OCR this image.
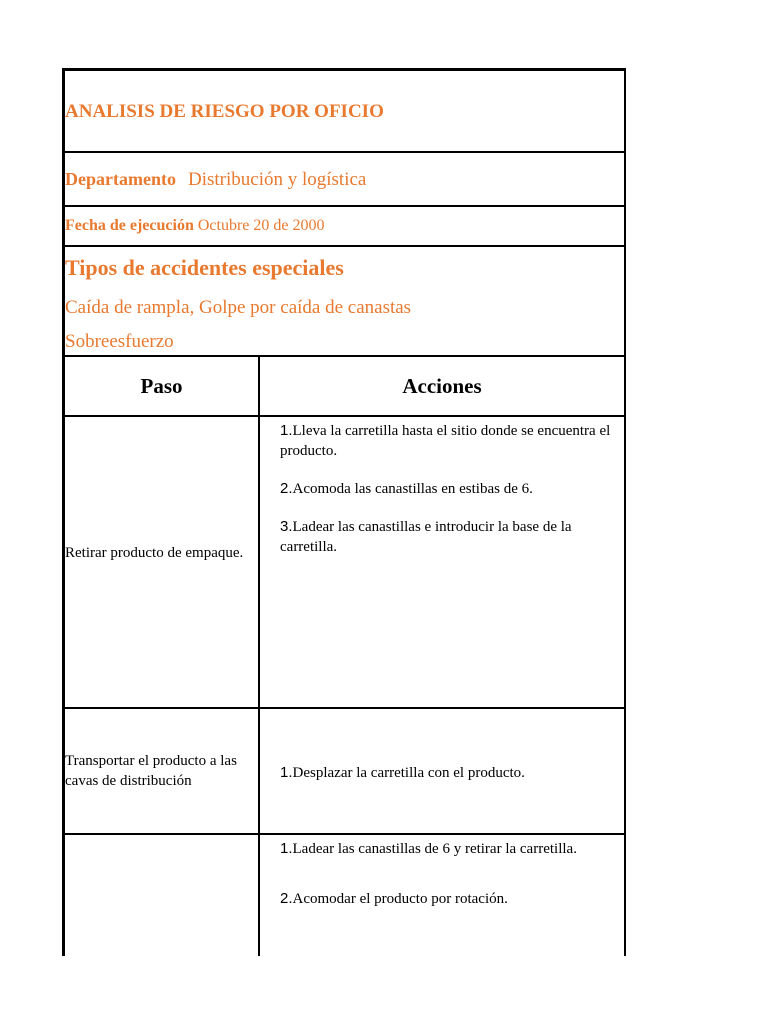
ANALISIS DE RIESGO POR OFICIO
Departamento Distribución y logística
Fecha de ejecución Octubre 20 de 2000
Tipos de accidentes especiales
Caída de rampla, Golpe por caída de canastas
Sobreesfuerzo
Paso	Acciones
Retirar producto de empaque.
1.Lleva la carretilla hasta el sitio donde se encuentra el producto.
2.Acomoda las canastillas en estibas de 6.
3.Ladear las canastillas e introducir la base de la carretilla.
Transportar el producto a las cavas de distribución	1.Desplazar la carretilla con el producto.
1.Ladear las canastillas de 6 y retirar la carretilla.
2.Acomodar el producto por rotación.
